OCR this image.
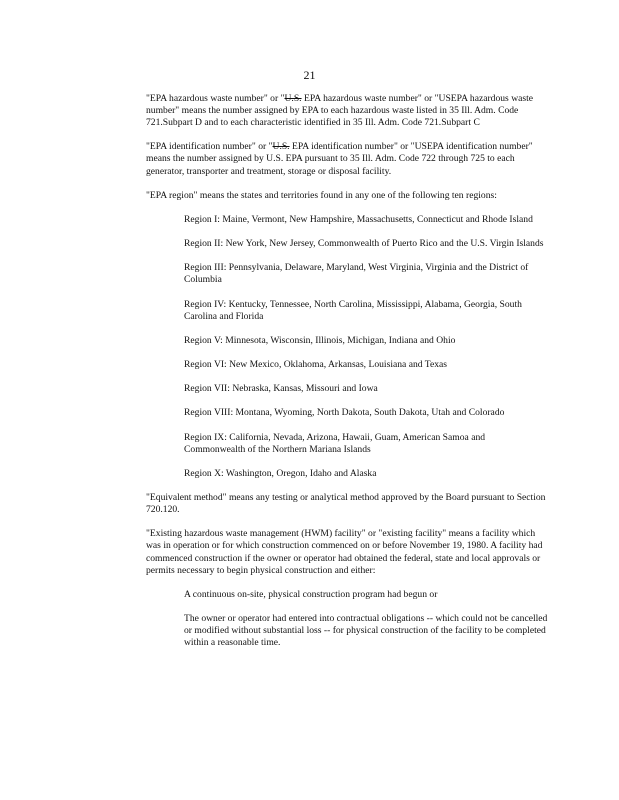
21

"EPA hazardous waste number" or "U.S. EPA hazardous waste number" or "USEPA hazardous waste number" means the number assigned by EPA to each hazardous waste listed in 35 Ill. Adm. Code 721.Subpart D and to each characteristic identified in 35 Ill. Adm. Code 721.Subpart C

"EPA identification number" or "U.S. EPA identification number" or "USEPA identification number" means the number assigned by U.S. EPA pursuant to 35 Ill. Adm. Code 722 through 725 to each generator, transporter and treatment, storage or disposal facility.

"EPA region" means the states and territories found in any one of the following ten regions:

Region I: Maine, Vermont, New Hampshire, Massachusetts, Connecticut and Rhode Island

Region II: New York, New Jersey, Commonwealth of Puerto Rico and the U.S. Virgin Islands

Region III: Pennsylvania, Delaware, Maryland, West Virginia, Virginia and the District of Columbia

Region IV: Kentucky, Tennessee, North Carolina, Mississippi, Alabama, Georgia, South Carolina and Florida

Region V: Minnesota, Wisconsin, Illinois, Michigan, Indiana and Ohio

Region VI: New Mexico, Oklahoma, Arkansas, Louisiana and Texas

Region VII: Nebraska, Kansas, Missouri and Iowa

Region VIII: Montana, Wyoming, North Dakota, South Dakota, Utah and Colorado

Region IX: California, Nevada, Arizona, Hawaii, Guam, American Samoa and Commonwealth of the Northern Mariana Islands

Region X: Washington, Oregon, Idaho and Alaska

"Equivalent method" means any testing or analytical method approved by the Board pursuant to Section 720.120.

"Existing hazardous waste management (HWM) facility" or "existing facility" means a facility which was in operation or for which construction commenced on or before November 19, 1980. A facility had commenced construction if the owner or operator had obtained the federal, state and local approvals or permits necessary to begin physical construction and either:

A continuous on-site, physical construction program had begun or

The owner or operator had entered into contractual obligations -- which could not be cancelled or modified without substantial loss -- for physical construction of the facility to be completed within a reasonable time.
